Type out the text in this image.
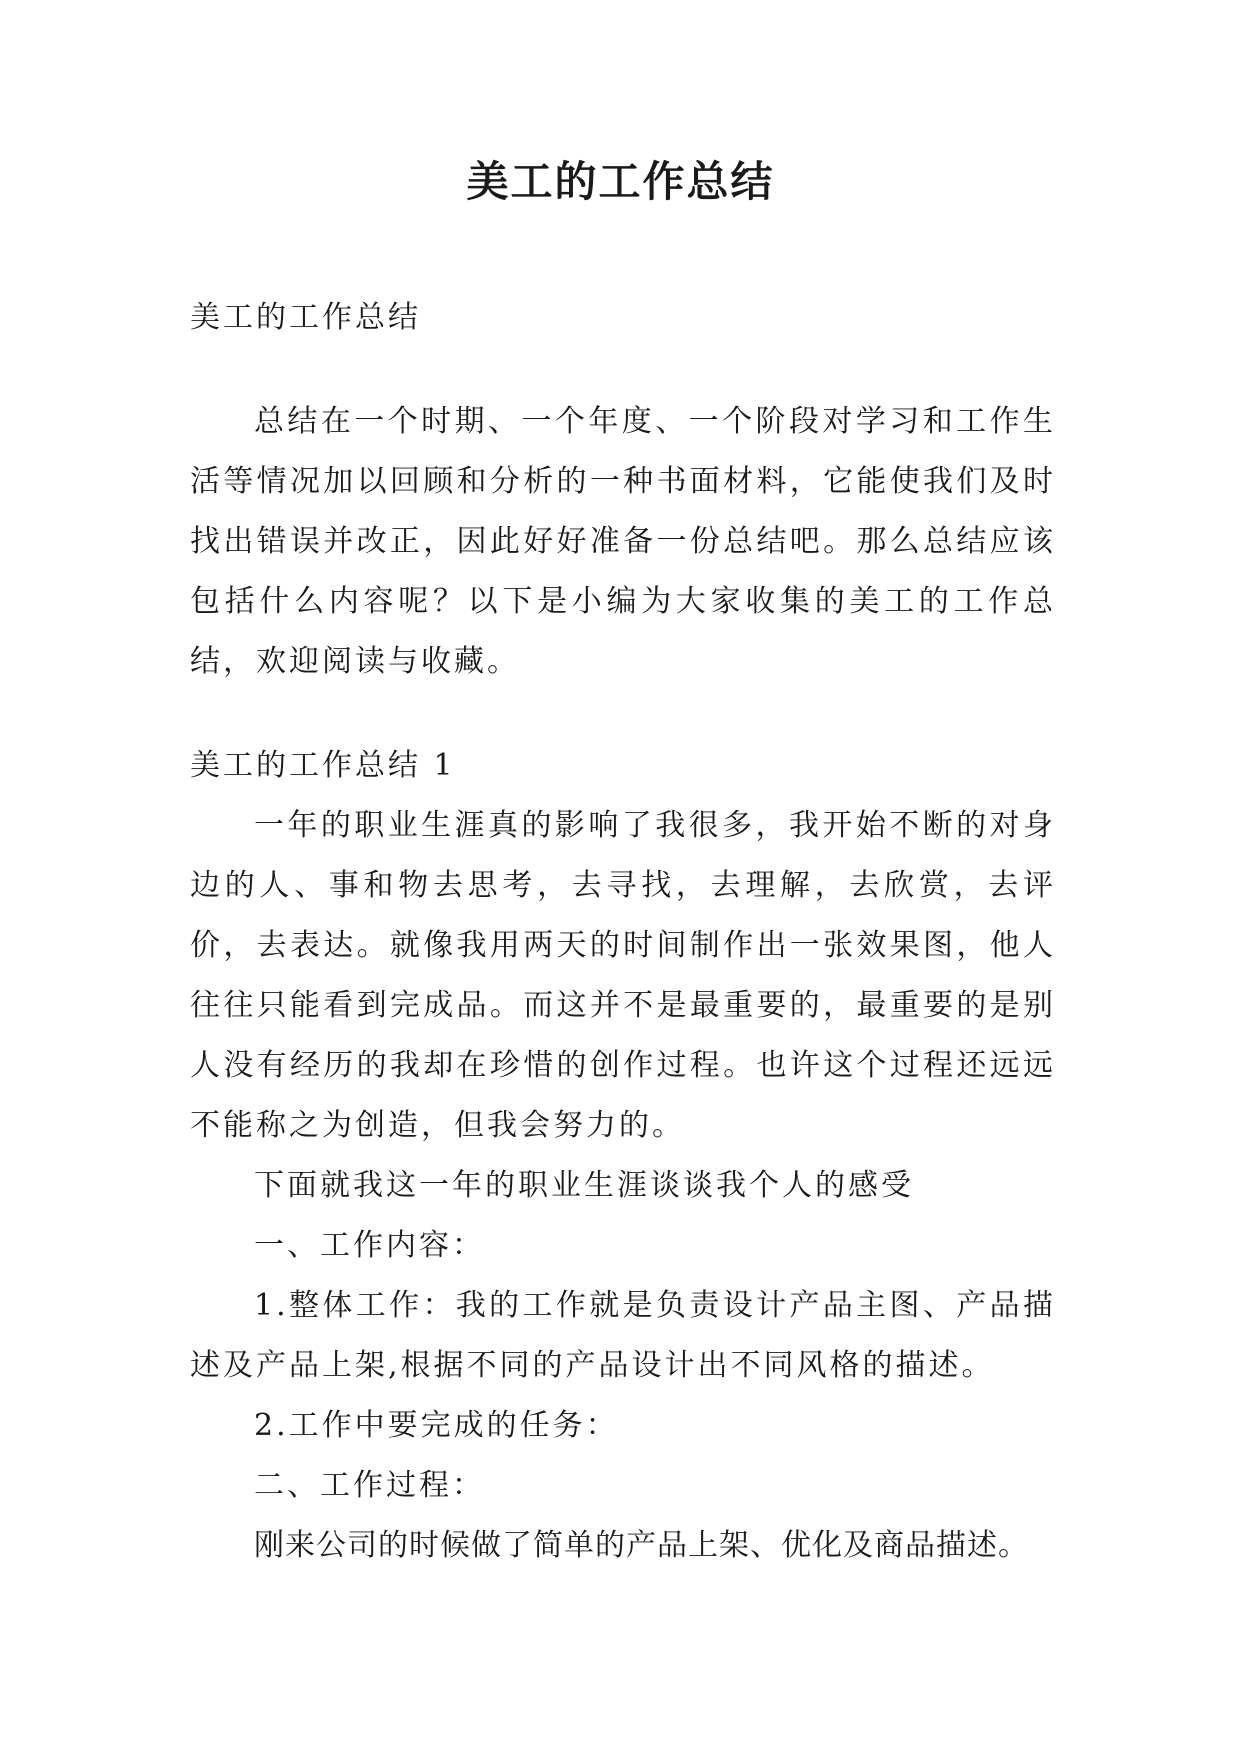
美工的工作总结

美工的工作总结

总结在一个时期、一个年度、一个阶段对学习和工作生活等情况加以回顾和分析的一种书面材料，它能使我们及时找出错误并改正，因此好好准备一份总结吧。那么总结应该包括什么内容呢？以下是小编为大家收集的美工的工作总结，欢迎阅读与收藏。

美工的工作总结 1

一年的职业生涯真的影响了我很多，我开始不断的对身边的人、事和物去思考，去寻找，去理解，去欣赏，去评价，去表达。就像我用两天的时间制作出一张效果图，他人往往只能看到完成品。而这并不是最重要的，最重要的是别人没有经历的我却在珍惜的创作过程。也许这个过程还远远不能称之为创造，但我会努力的。

下面就我这一年的职业生涯谈谈我个人的感受

一、工作内容：

1.整体工作：我的工作就是负责设计产品主图、产品描述及产品上架,根据不同的产品设计出不同风格的描述。

2.工作中要完成的任务：

二、工作过程：

刚来公司的时候做了简单的产品上架、优化及商品描述。
